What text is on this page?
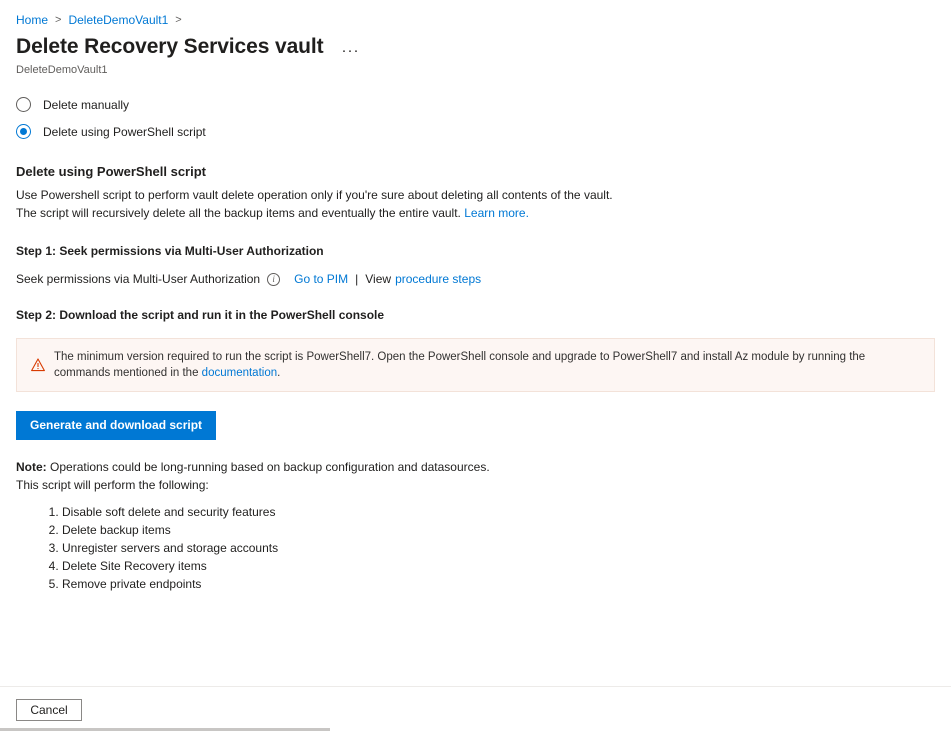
Home > DeleteDemoVault1 >
Delete Recovery Services vault ···
DeleteDemoVault1
Delete manually
Delete using PowerShell script
Delete using PowerShell script
Use Powershell script to perform vault delete operation only if you're sure about deleting all contents of the vault. The script will recursively delete all the backup items and eventually the entire vault. Learn more.
Step 1: Seek permissions via Multi-User Authorization
Seek permissions via Multi-User Authorization	i	Go to PIM | View procedure steps
Step 2: Download the script and run it in the PowerShell console
The minimum version required to run the script is PowerShell7. Open the PowerShell console and upgrade to PowerShell7 and install Az module by running the commands mentioned in the documentation.
Generate and download script
Note: Operations could be long-running based on backup configuration and datasources.
This script will perform the following:
1. Disable soft delete and security features
2. Delete backup items
3. Unregister servers and storage accounts
4. Delete Site Recovery items
5. Remove private endpoints
Cancel
